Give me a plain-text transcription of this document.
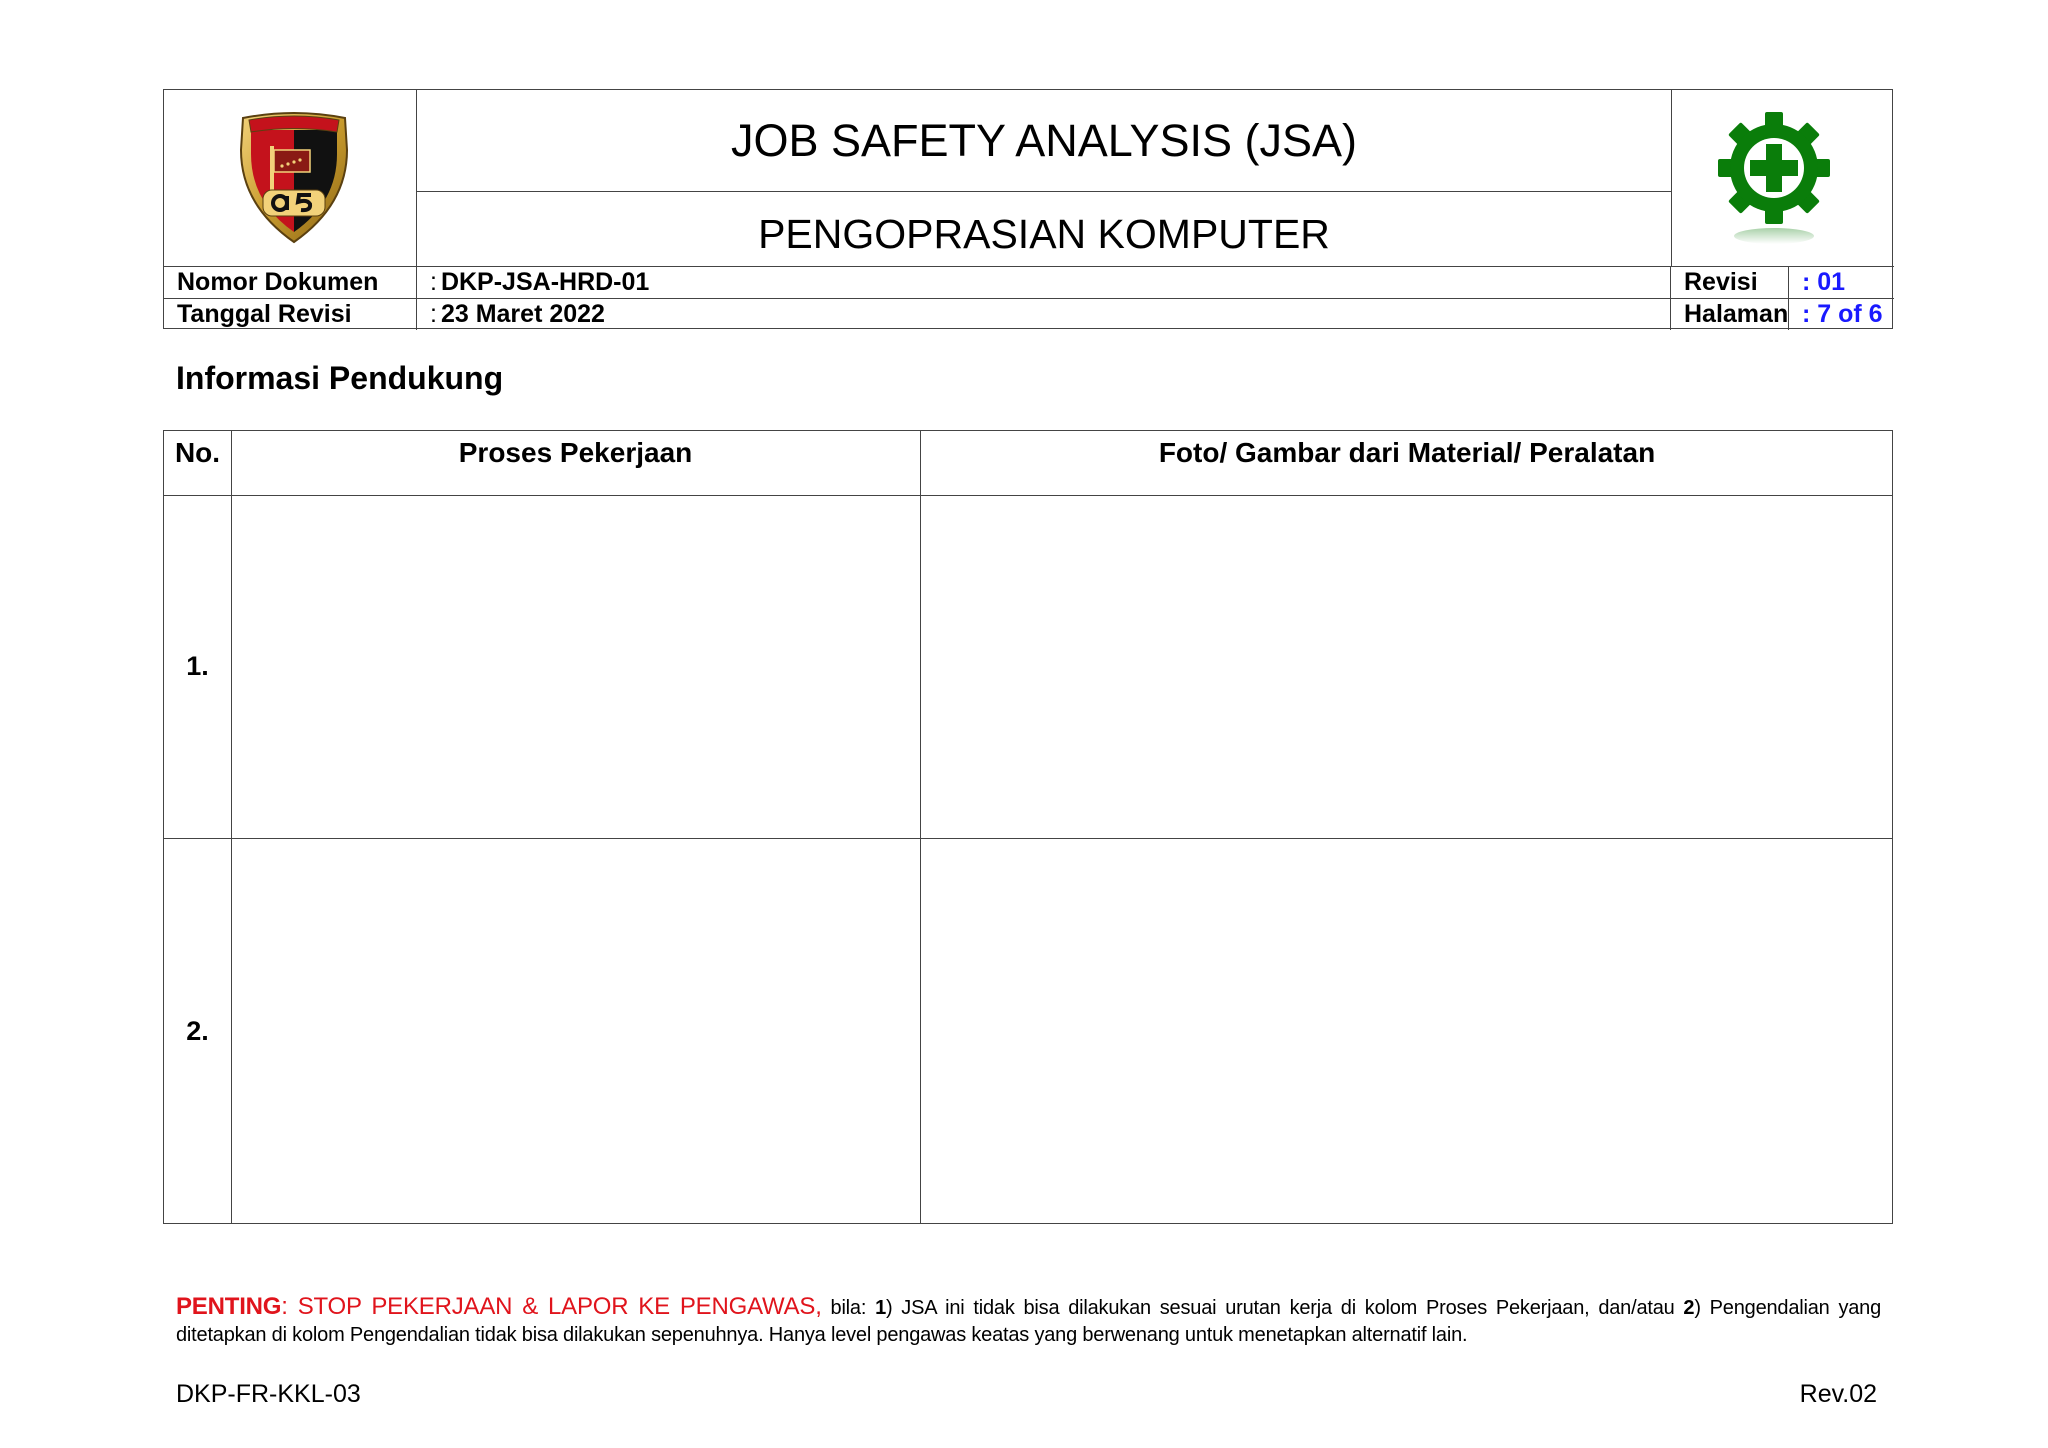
JOB SAFETY ANALYSIS (JSA)
PENGOPRASIAN KOMPUTER
Nomor Dokumen	: DKP-JSA-HRD-01	Revisi	: 01
Tanggal Revisi	: 23 Maret 2022	Halaman : 7 of 6
Informasi Pendukung
No.	Proses Pekerjaan	Foto/ Gambar dari Material/ Peralatan
1.
2.
PENTING: STOP PEKERJAAN & LAPOR KE PENGAWAS, bila: 1) JSA ini tidak bisa dilakukan sesuai urutan kerja di kolom Proses Pekerjaan, dan/atau 2) Pengendalian yang ditetapkan di kolom Pengendalian tidak bisa dilakukan sepenuhnya. Hanya level pengawas keatas yang berwenang untuk menetapkan alternatif lain.
DKP-FR-KKL-03	Rev.02
